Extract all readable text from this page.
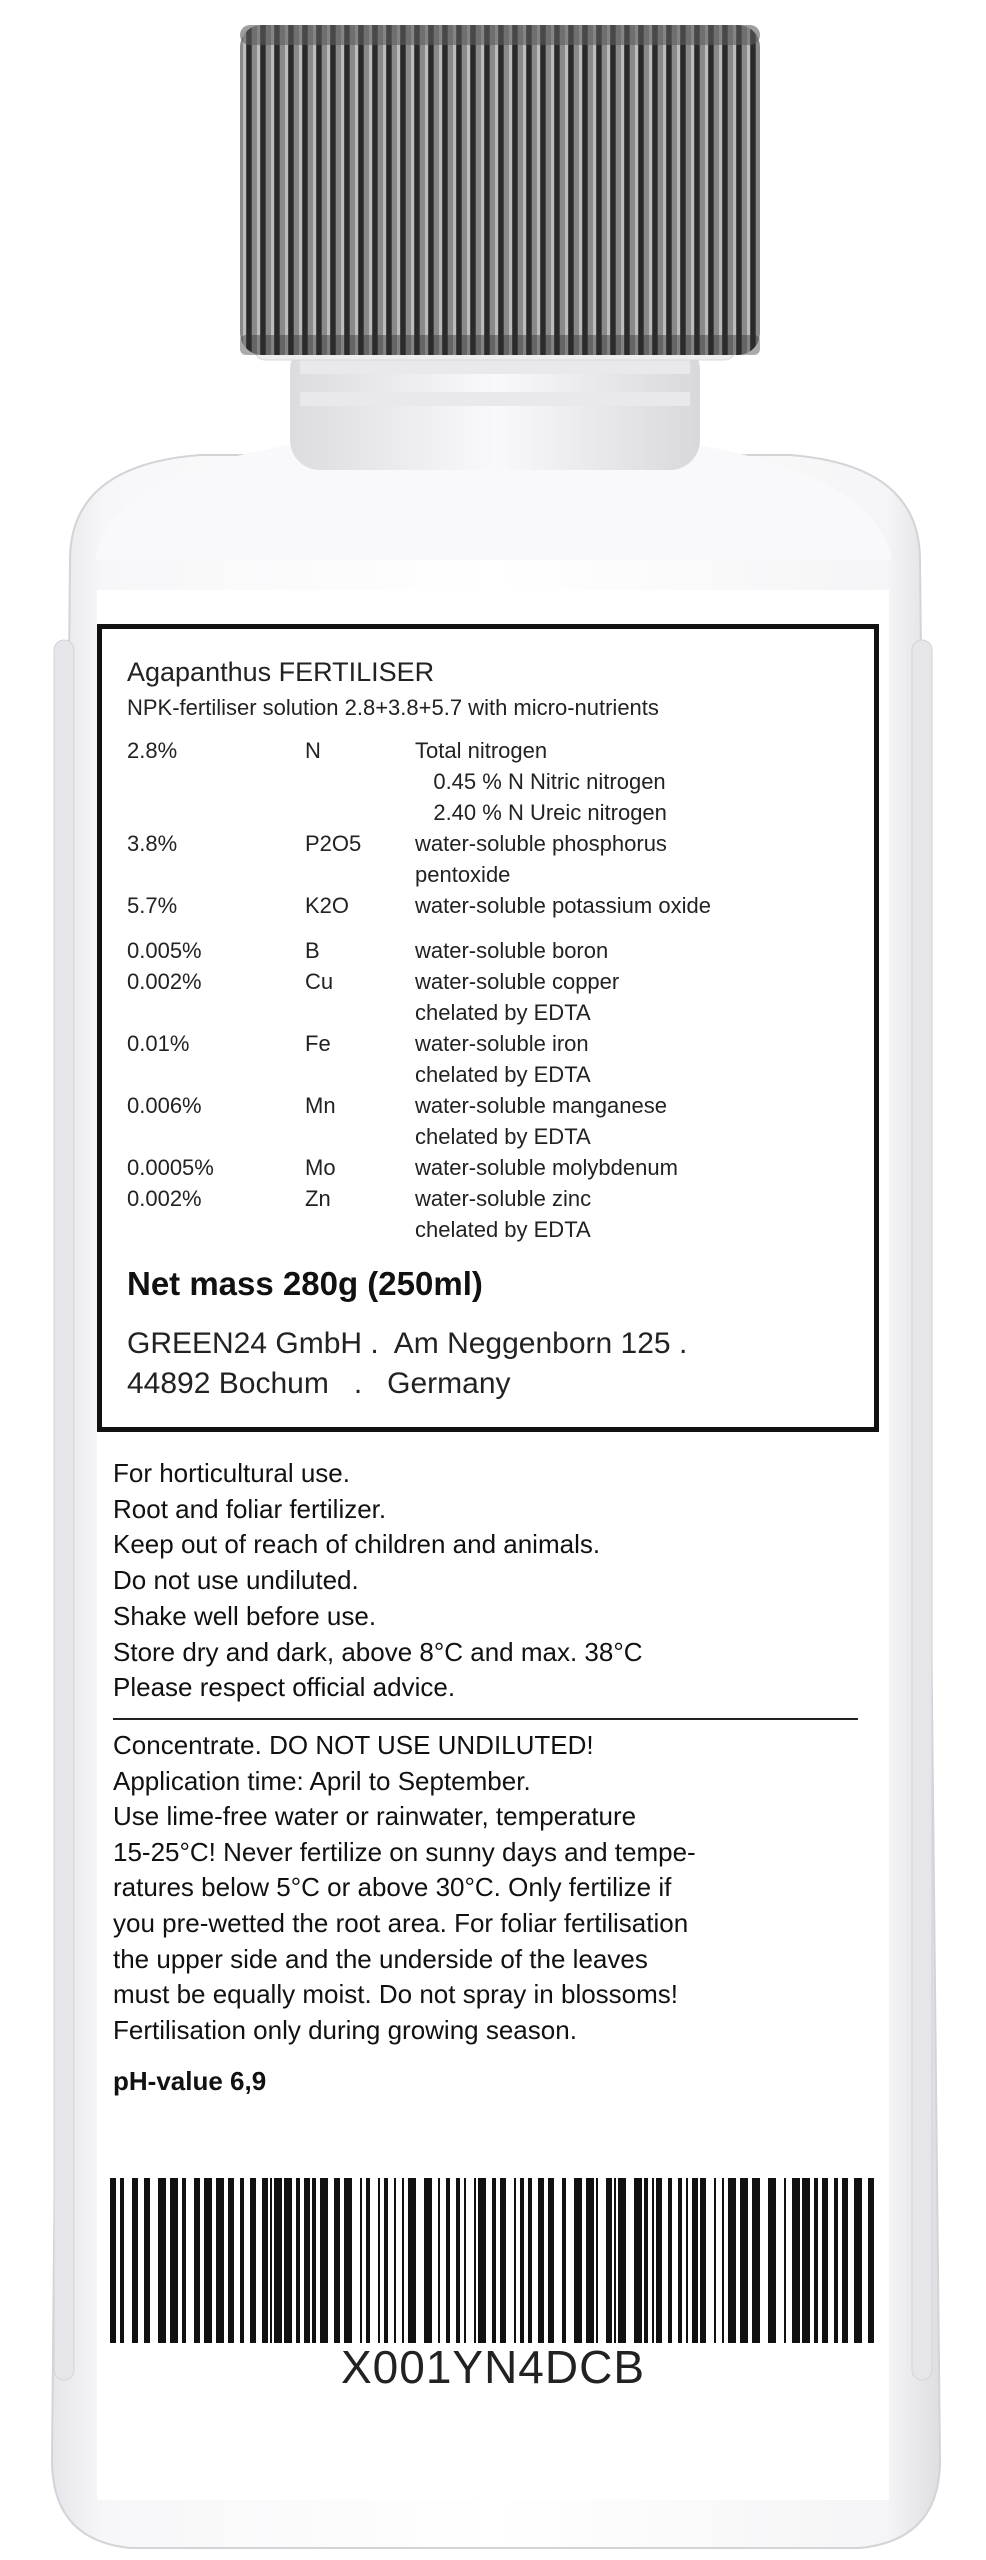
Agapanthus FERTILISER
NPK-fertiliser solution 2.8+3.8+5.7 with micro-nutrients
2.8%	N	Total nitrogen
0.45 % N Nitric nitrogen
2.40 % N Ureic nitrogen
3.8%	P2O5 water-soluble phosphorus
pentoxide
5.7%	K2O	water-soluble potassium oxide
0.005%	B	water-soluble boron
0.002%	Cu	water-soluble copper
chelated by EDTA
0.01%	Fe	water-soluble iron
chelated by EDTA
0.006%	Mn	water-soluble manganese
chelated by EDTA
0.0005%	Mo	water-soluble molybdenum
0.002%	Zn	water-soluble zinc
chelated by EDTA
Net mass 280g (250ml)
GREEN24 GmbH .  Am Neggenborn 125 .
44892 Bochum   .   Germany
For horticultural use.
Root and foliar fertilizer.
Keep out of reach of children and animals.
Do not use undiluted.
Shake well before use.
Store dry and dark, above 8°C and max. 38°C
Please respect official advice.
Concentrate. DO NOT USE UNDILUTED!
Application time: April to September.
Use lime-free water or rainwater, temperature
15-25°C! Never fertilize on sunny days and tempe-
ratures below 5°C or above 30°C. Only fertilize if
you pre-wetted the root area. For foliar fertilisation
the upper side and the underside of the leaves
must be equally moist. Do not spray in blossoms!
Fertilisation only during growing season.
pH-value 6,9
X001YN4DCB
